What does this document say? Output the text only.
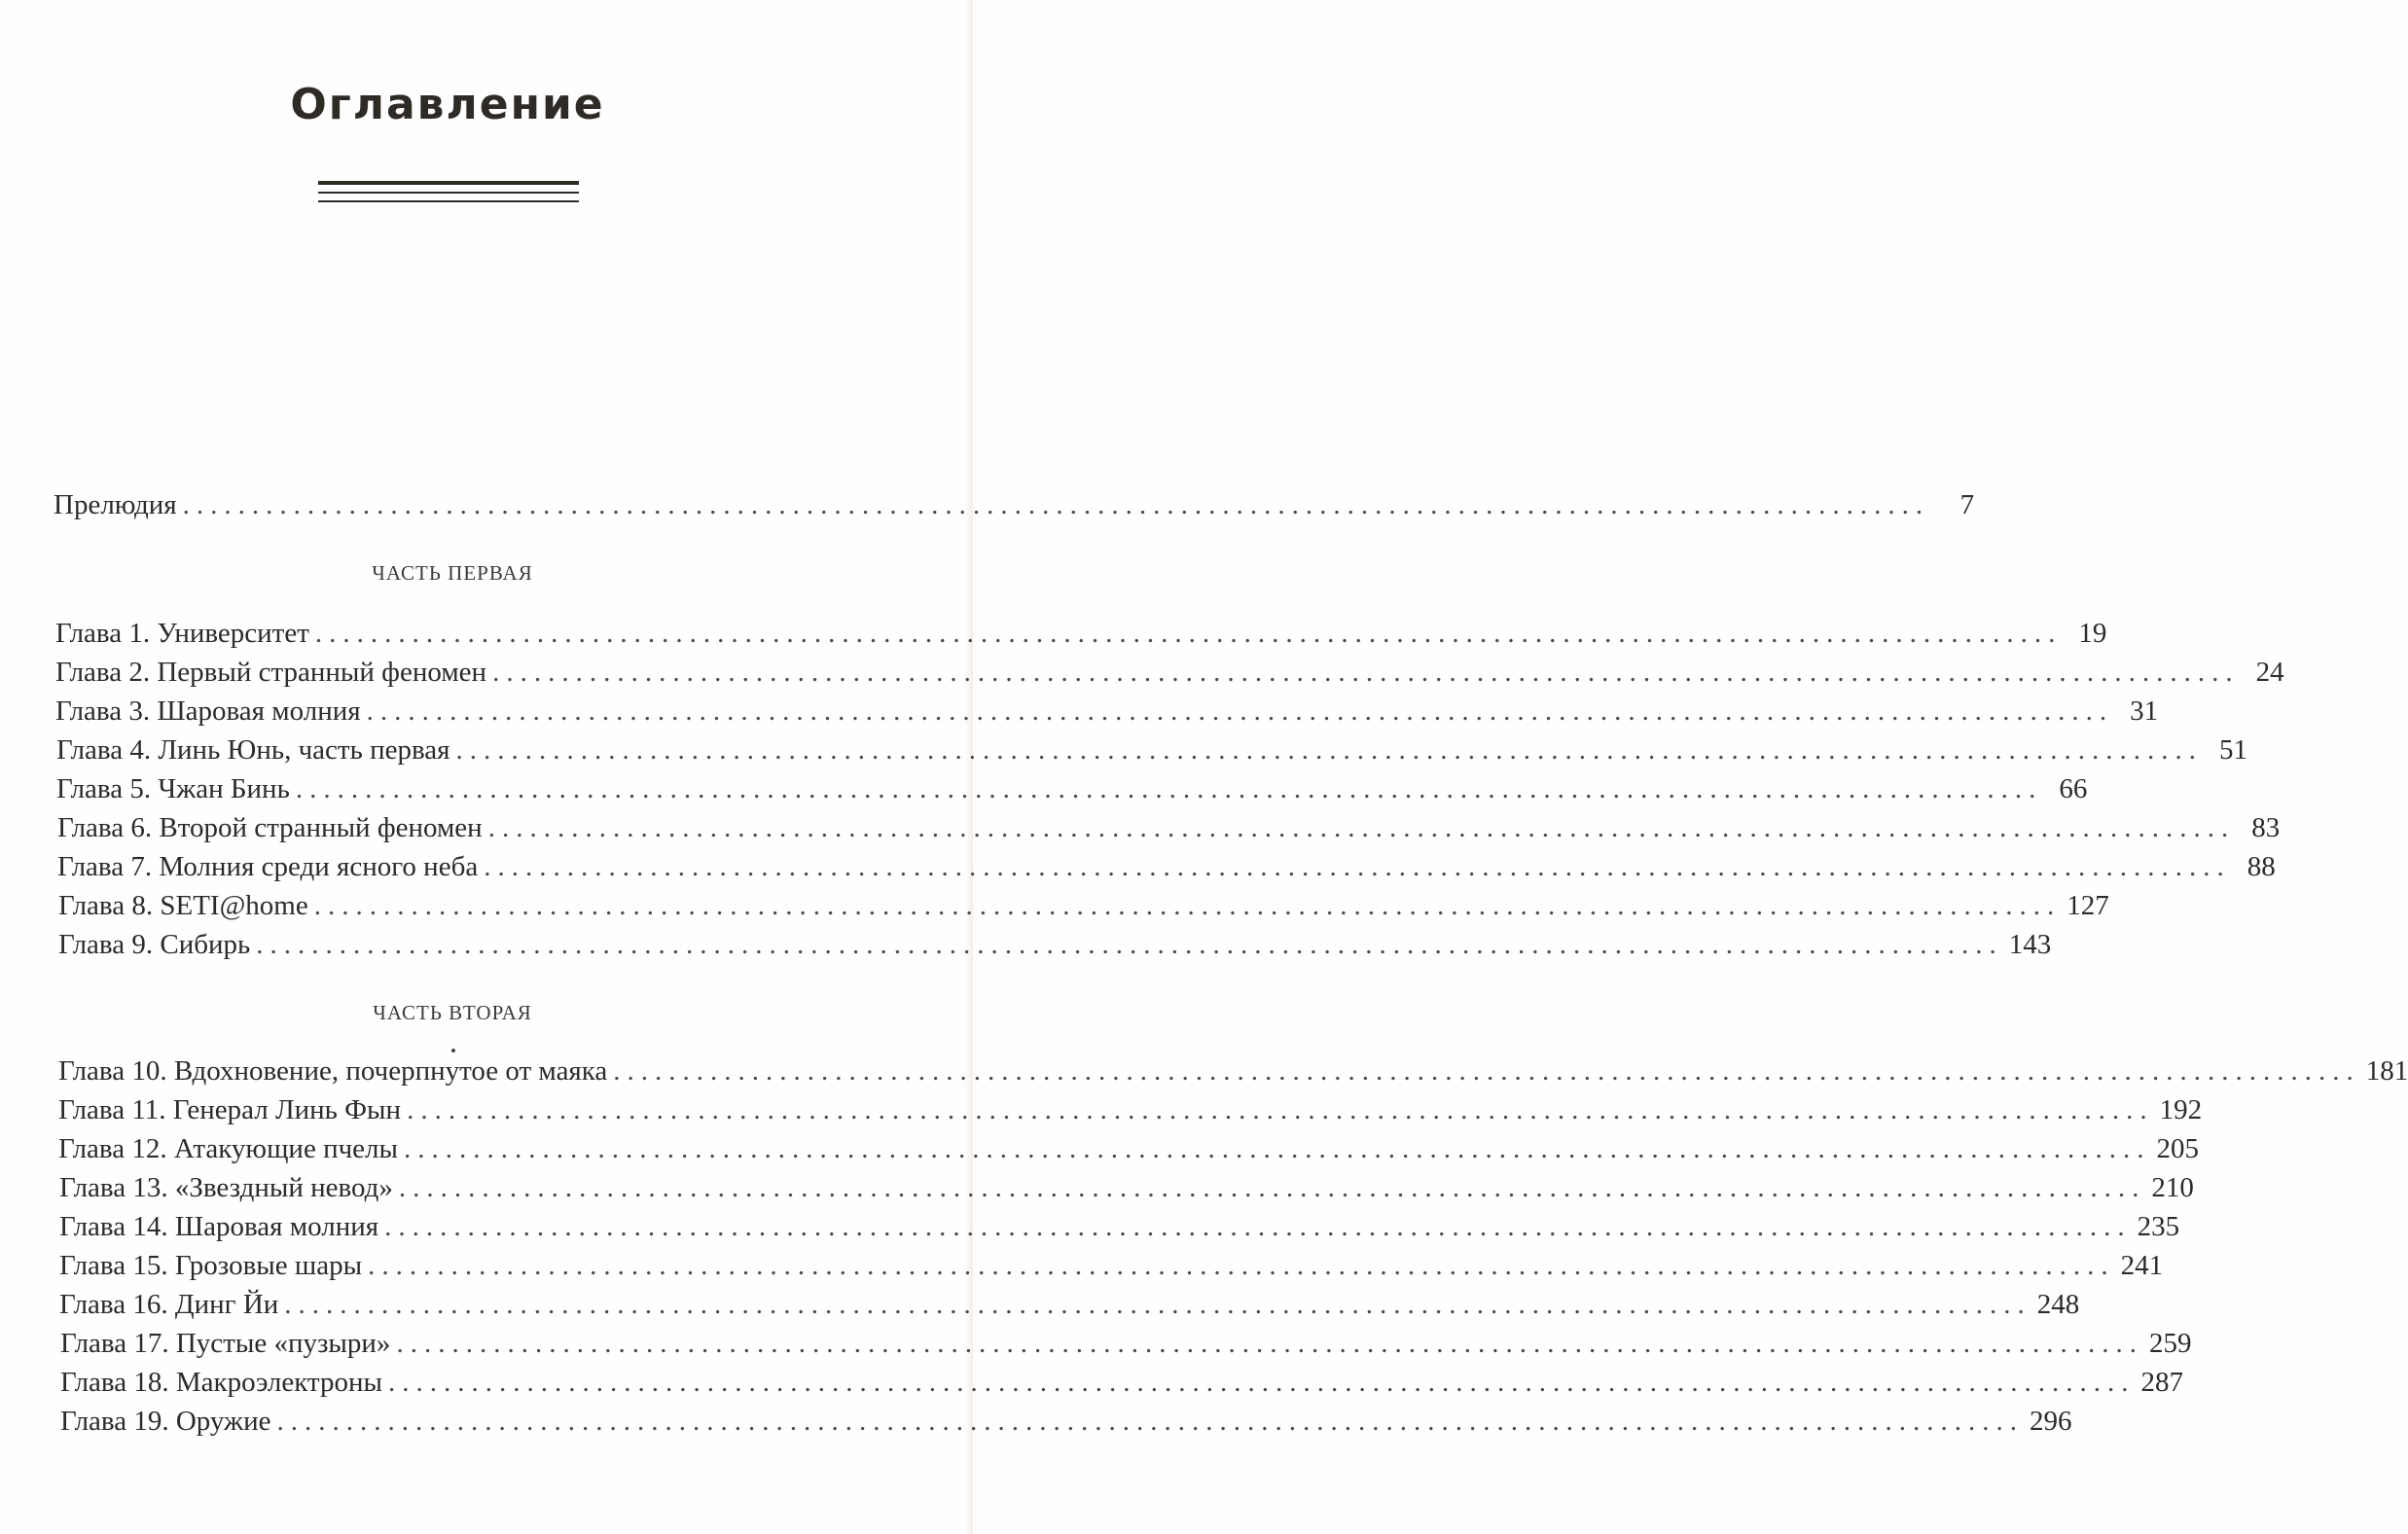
Оглавление
Прелюдия ..............................................................................................................................	7
ЧАСТЬ ПЕРВАЯ
Глава 1. Университет .............................................................................................................................. 19
Глава 2. Первый странный феномен .............................................................................................................................. 24
Глава 3. Шаровая молния .............................................................................................................................. 31
Глава 4. Линь Юнь, часть первая .............................................................................................................................. 51
Глава 5. Чжан Бинь .............................................................................................................................. 66
Глава 6. Второй странный феномен .............................................................................................................................. 83
Глава 7. Молния среди ясного неба .............................................................................................................................. 88
Глава 8. SETI@home .............................................................................................................................. 127
Глава 9. Сибирь .............................................................................................................................. 143
ЧАСТЬ ВТОРАЯ
Глава 10. Вдохновение, почерпнутое от маяка .............................................................................................................................. 181
Глава 11. Генерал Линь Фын .............................................................................................................................. 192
Глава 12. Атакующие пчелы .............................................................................................................................. 205
Глава 13. «Звездный невод» .............................................................................................................................. 210
Глава 14. Шаровая молния .............................................................................................................................. 235
Глава 15. Грозовые шары .............................................................................................................................. 241
Глава 16. Динг Йи .............................................................................................................................. 248
Глава 17. Пустые «пузыри» .............................................................................................................................. 259
Глава 18. Макроэлектроны .............................................................................................................................. 287
Глава 19. Оружие .............................................................................................................................. 296
